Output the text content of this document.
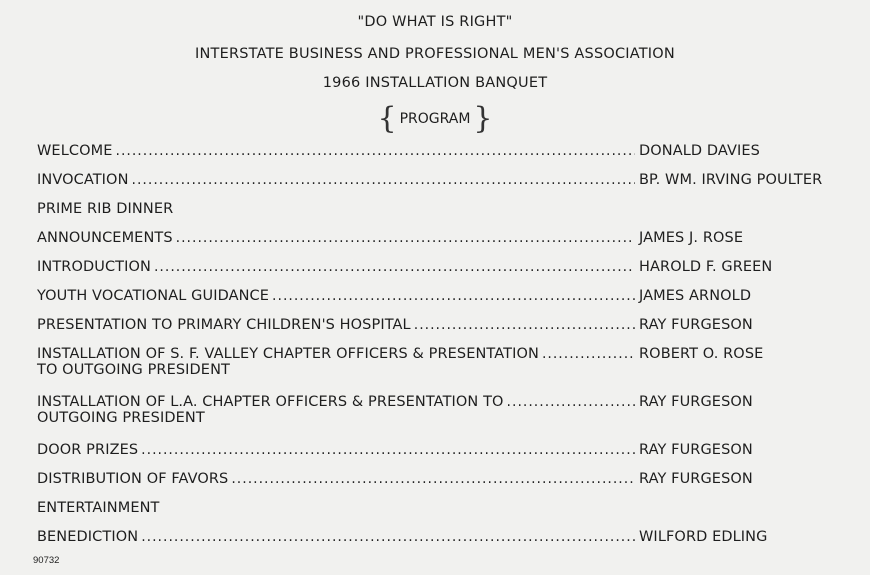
"DO WHAT IS RIGHT"
INTERSTATE BUSINESS AND PROFESSIONAL MEN'S ASSOCIATION
1966 INSTALLATION BANQUET
{ PROGRAM }
WELCOME .....	DONALD DAVIES
INVOCATION .....	BP. WM. IRVING POULTER
PRIME RIB DINNER
ANNOUNCEMENTS .....	JAMES J. ROSE
INTRODUCTION .....	HAROLD F. GREEN
YOUTH VOCATIONAL GUIDANCE .....	JAMES ARNOLD
PRESENTATION TO PRIMARY CHILDREN'S HOSPITAL .....	RAY FURGESON
INSTALLATION OF S. F. VALLEY CHAPTER OFFICERS & PRESENTATION .....	ROBERT O. ROSE
TO OUTGOING PRESIDENT
INSTALLATION OF L.A. CHAPTER OFFICERS & PRESENTATION TO .....	RAY FURGESON
OUTGOING PRESIDENT
DOOR PRIZES .....	RAY FURGESON
DISTRIBUTION OF FAVORS .....	RAY FURGESON
ENTERTAINMENT
BENEDICTION .....	WILFORD EDLING
90732
